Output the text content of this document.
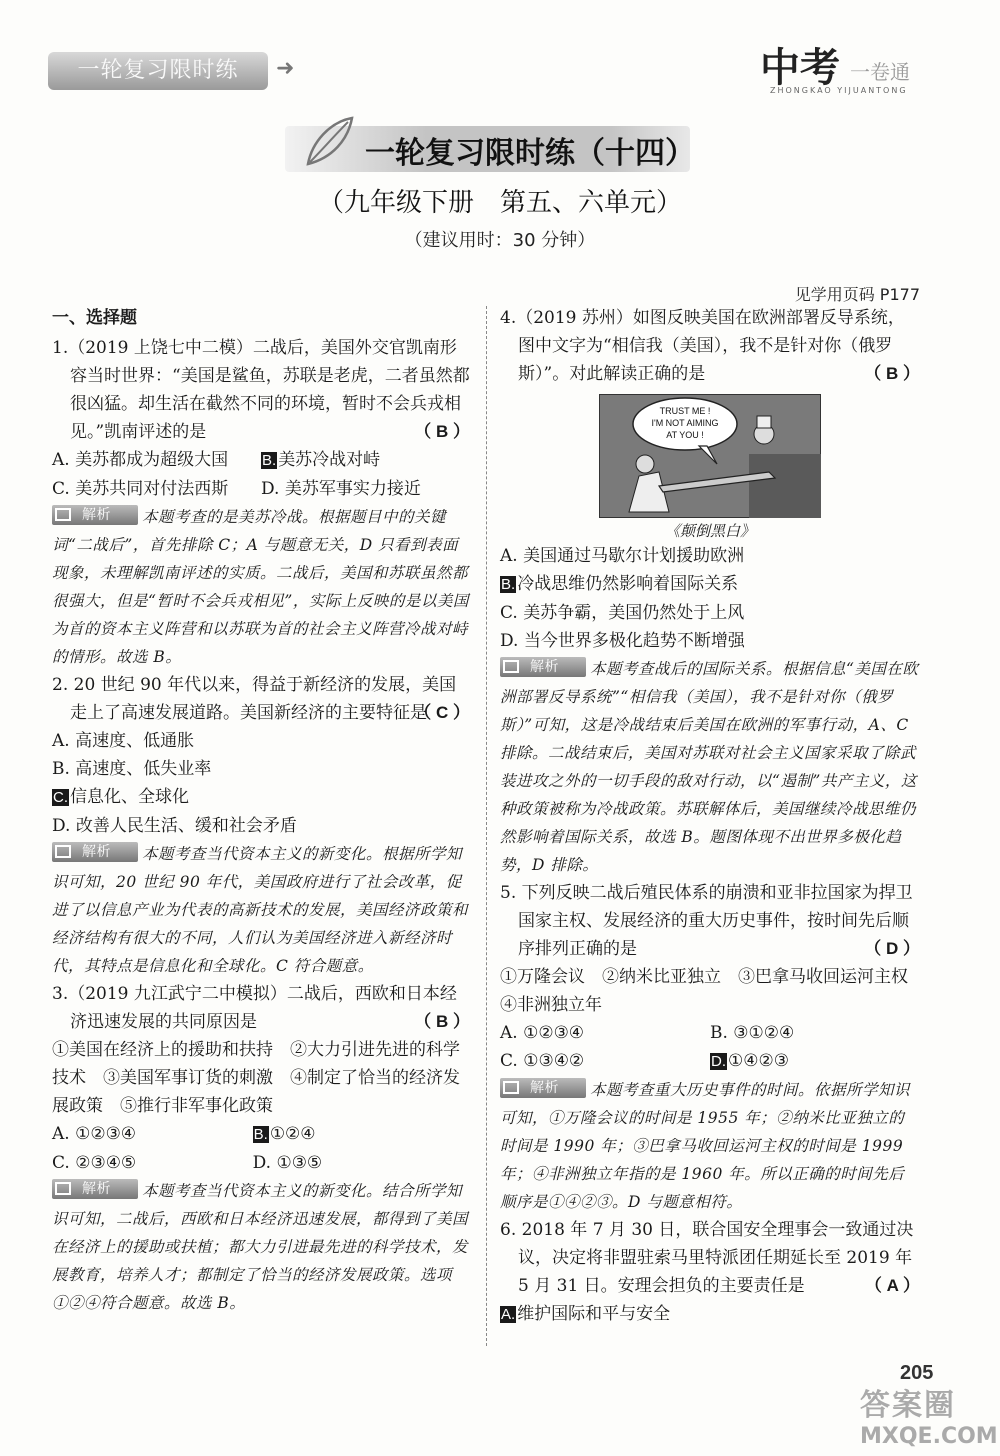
一轮复习限时练	➜	中考 一卷通
ZHONGKAO YIJUANTONG
一轮复习限时练（十四）
（九年级下册　第五、六单元）
（建议用时：30 分钟）
见学用页码 P177
一、选择题
1.（2019 上饶七中二模）二战后，美国外交官凯南形容当时世界：“美国是鲨鱼，苏联是老虎，二者虽然都很凶猛。却生活在截然不同的环境，暂时不会兵戎相见。”凯南评述的是	（ B ）
A. 美苏都成为超级大国	B. 美苏冷战对峙
C. 美苏共同对付法西斯	D. 美苏军事实力接近
解析 本题考查的是美苏冷战。根据题目中的关键词“二战后”，首先排除 C；A 与题意无关，D 只看到表面现象，未理解凯南评述的实质。二战后，美国和苏联虽然都很强大，但是“暂时不会兵戎相见”，实际上反映的是以美国为首的资本主义阵营和以苏联为首的社会主义阵营冷战对峙的情形。故选 B。
2. 20 世纪 90 年代以来，得益于新经济的发展，美国走上了高速发展道路。美国新经济的主要特征是
（ C ）
A. 高速度、低通胀
B. 高速度、低失业率
C. 信息化、全球化
D. 改善人民生活、缓和社会矛盾
解析 本题考查当代资本主义的新变化。根据所学知识可知，20 世纪 90 年代，美国政府进行了社会改革，促进了以信息产业为代表的高新技术的发展，美国经济政策和经济结构有很大的不同，人们认为美国经济进入新经济时代，其特点是信息化和全球化。C 符合题意。
3.（2019 九江武宁二中模拟）二战后，西欧和日本经济迅速发展的共同原因是	（ B ）
①美国在经济上的援助和扶持　②大力引进先进的科学技术　③美国军事订货的刺激　④制定了恰当的经济发展政策　⑤推行非军事化政策
A. ①②③④	B. ①②④
C. ②③④⑤	D. ①③⑤
解析 本题考查当代资本主义的新变化。结合所学知识可知，二战后，西欧和日本经济迅速发展，都得到了美国在经济上的援助或扶植；都大力引进最先进的科学技术，发展教育，培养人才；都制定了恰当的经济发展政策。选项①②④符合题意。故选 B。
4.（2019 苏州）如图反映美国在欧洲部署反导系统，图中文字为“相信我（美国），我不是针对你（俄罗斯）”。对此解读正确的是	（ B ）
TRUST ME !
I'M NOT AIMING
AT YOU !
《颠倒黑白》
A. 美国通过马歇尔计划援助欧洲
B. 冷战思维仍然影响着国际关系
C. 美苏争霸，美国仍然处于上风
D. 当今世界多极化趋势不断增强
解析 本题考查战后的国际关系。根据信息“美国在欧洲部署反导系统”“相信我（美国），我不是针对你（俄罗斯）”可知，这是冷战结束后美国在欧洲的军事行动，A、C 排除。二战结束后，美国对苏联对社会主义国家采取了除武装进攻之外的一切手段的敌对行动，以“遏制”共产主义，这种政策被称为冷战政策。苏联解体后，美国继续冷战思维仍然影响着国际关系，故选 B。题图体现不出世界多极化趋势，D 排除。
5. 下列反映二战后殖民体系的崩溃和亚非拉国家为捍卫国家主权、发展经济的重大历史事件，按时间先后顺序排列正确的是	（ D ）
①万隆会议　②纳米比亚独立　③巴拿马收回运河主权　④非洲独立年
A. ①②③④	B. ③①②④
C. ①③④②	D. ①④②③
解析 本题考查重大历史事件的时间。依据所学知识可知，①万隆会议的时间是 1955 年；②纳米比亚独立的时间是 1990 年；③巴拿马收回运河主权的时间是 1999 年；④非洲独立年指的是 1960 年。所以正确的时间先后顺序是①④②③。D 与题意相符。
6. 2018 年 7 月 30 日，联合国安全理事会一致通过决议，决定将非盟驻索马里特派团任期延长至 2019 年 5 月 31 日。安理会担负的主要责任是	（ A ）
A. 维护国际和平与安全
205
答案圈
MXQE.COM
